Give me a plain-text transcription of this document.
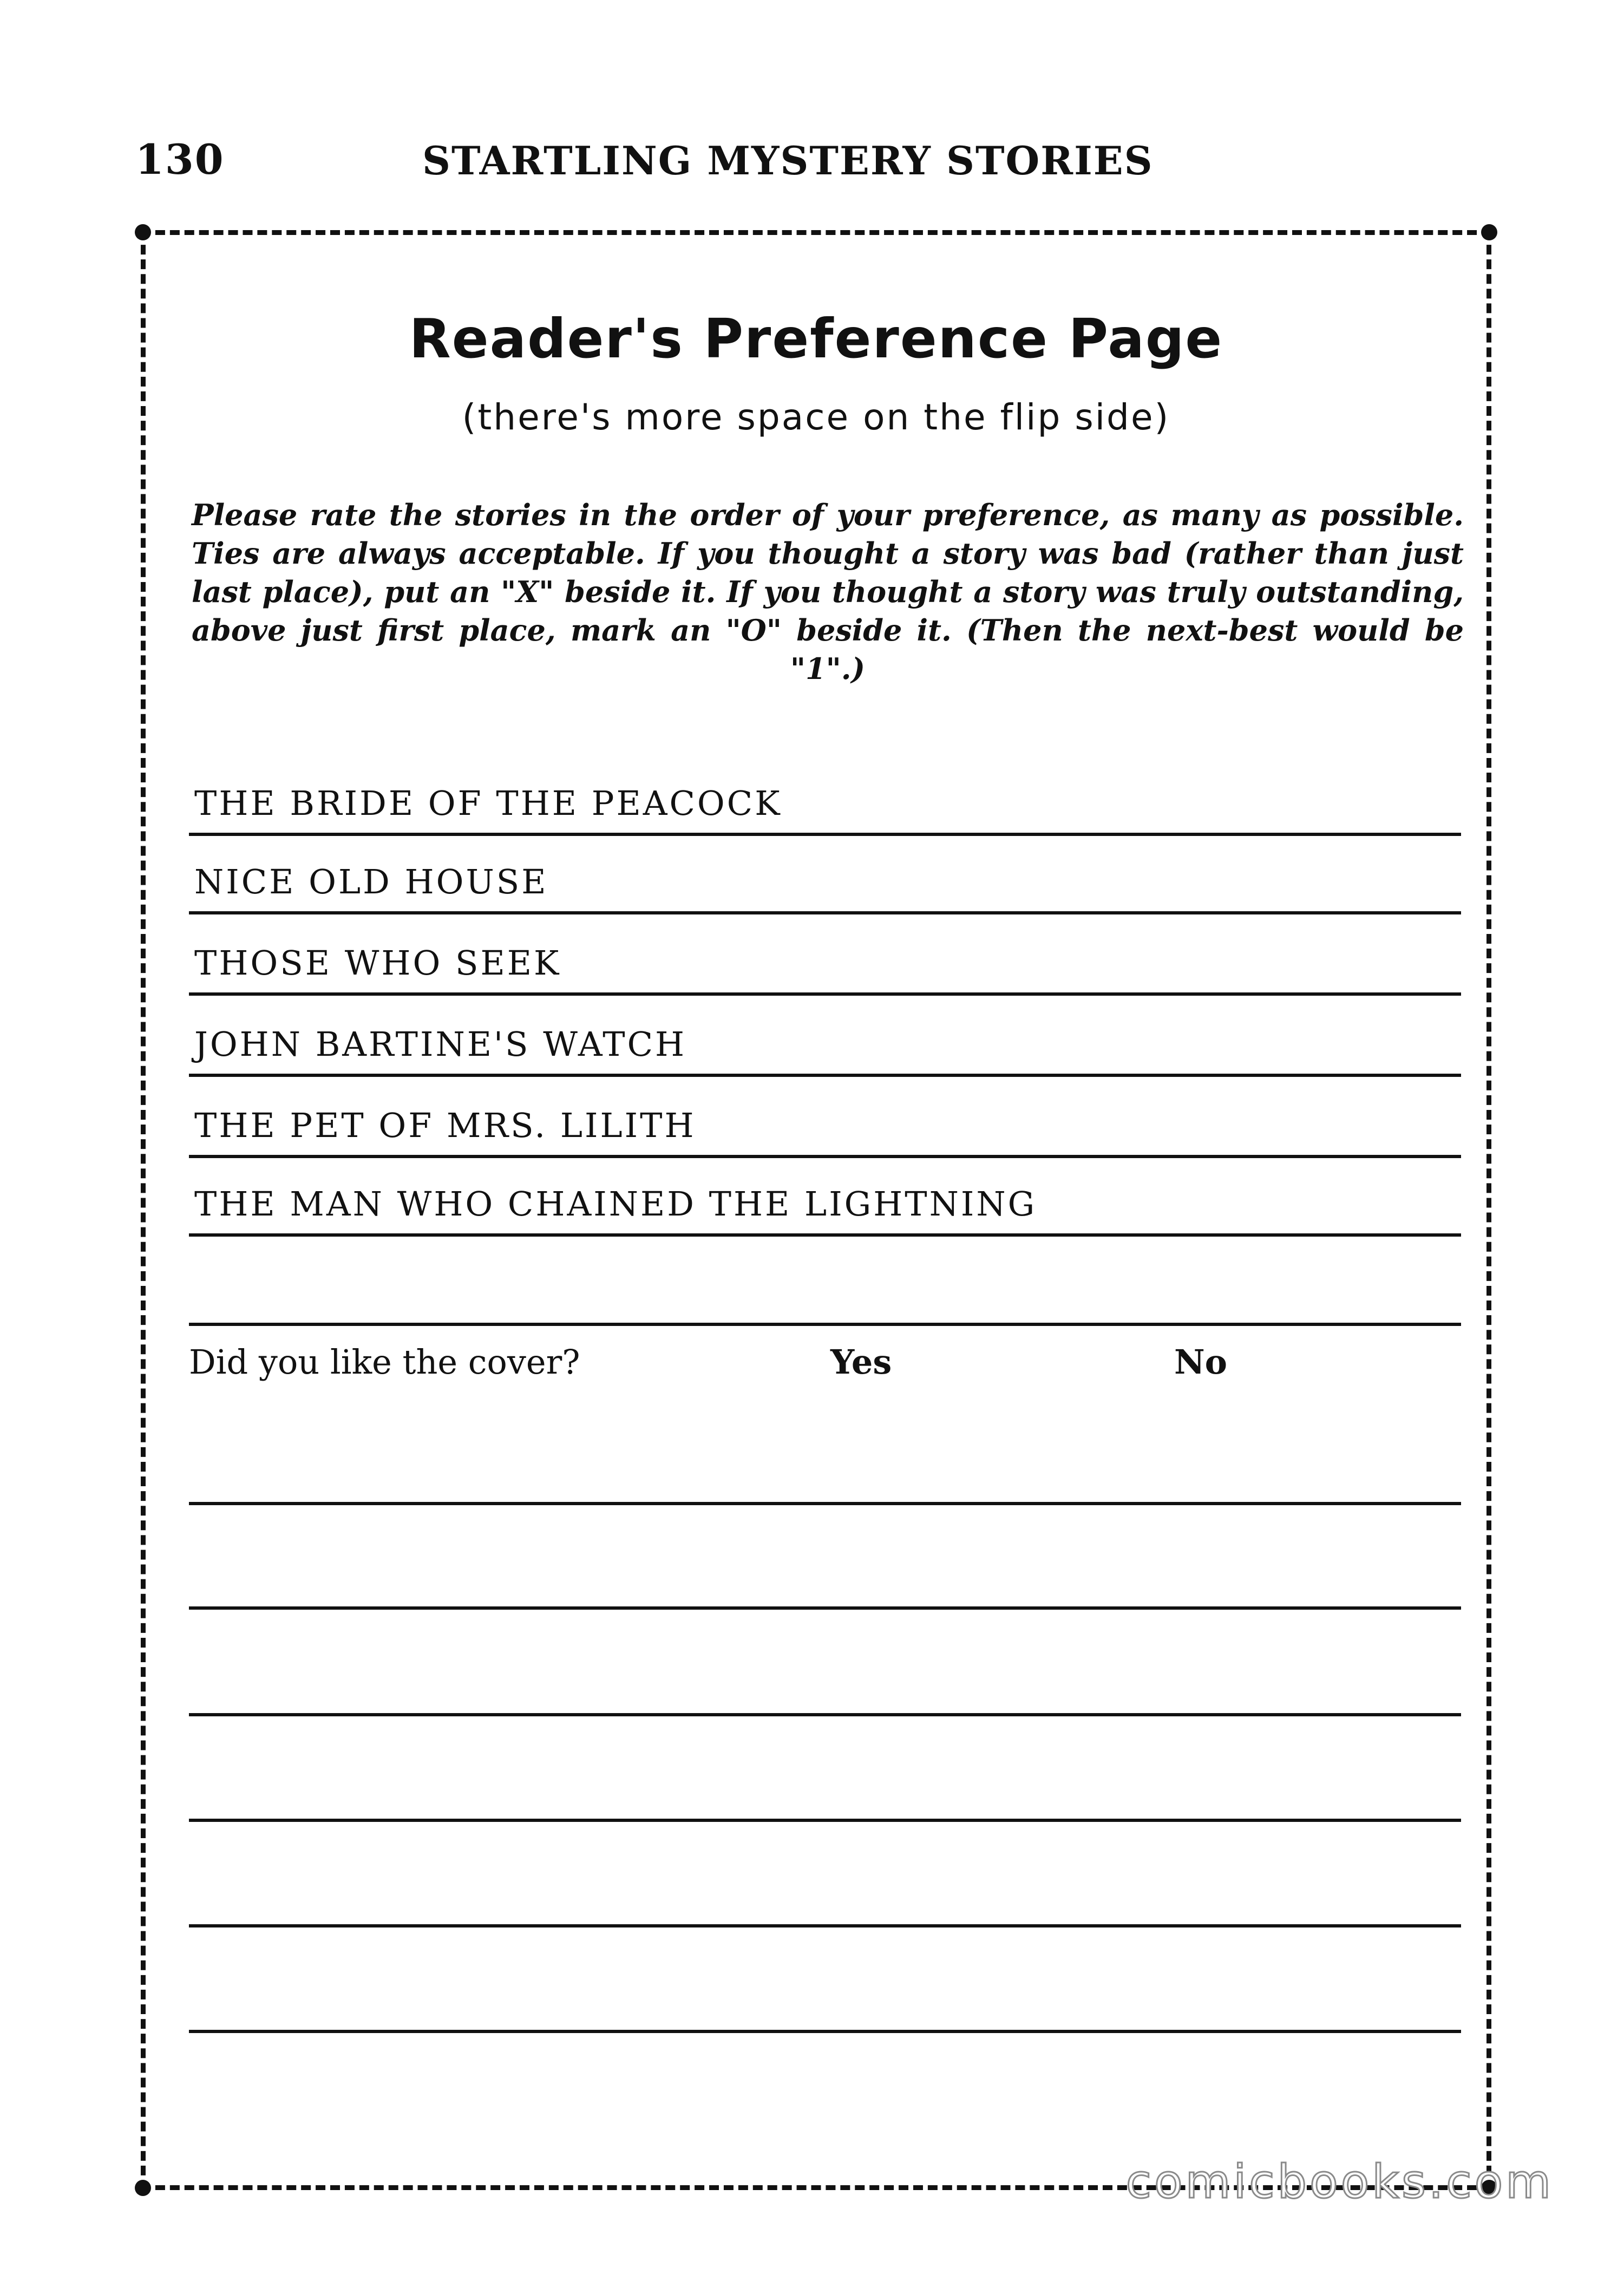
130	STARTLING MYSTERY STORIES
Reader's Preference Page
(there's more space on the flip side)
Please rate the stories in the order of your preference, as many as possible. Ties are always acceptable. If you thought a story was bad (rather than just last place), put an "X" beside it. If you thought a story was truly outstanding, above just first place, mark an "O" beside it. (Then the next-best would be "1".)
THE BRIDE OF THE PEACOCK
NICE OLD HOUSE
THOSE WHO SEEK
JOHN BARTINE'S WATCH
THE PET OF MRS. LILITH
THE MAN WHO CHAINED THE LIGHTNING
Did you like the cover?	Yes	No
comicbooks.com
